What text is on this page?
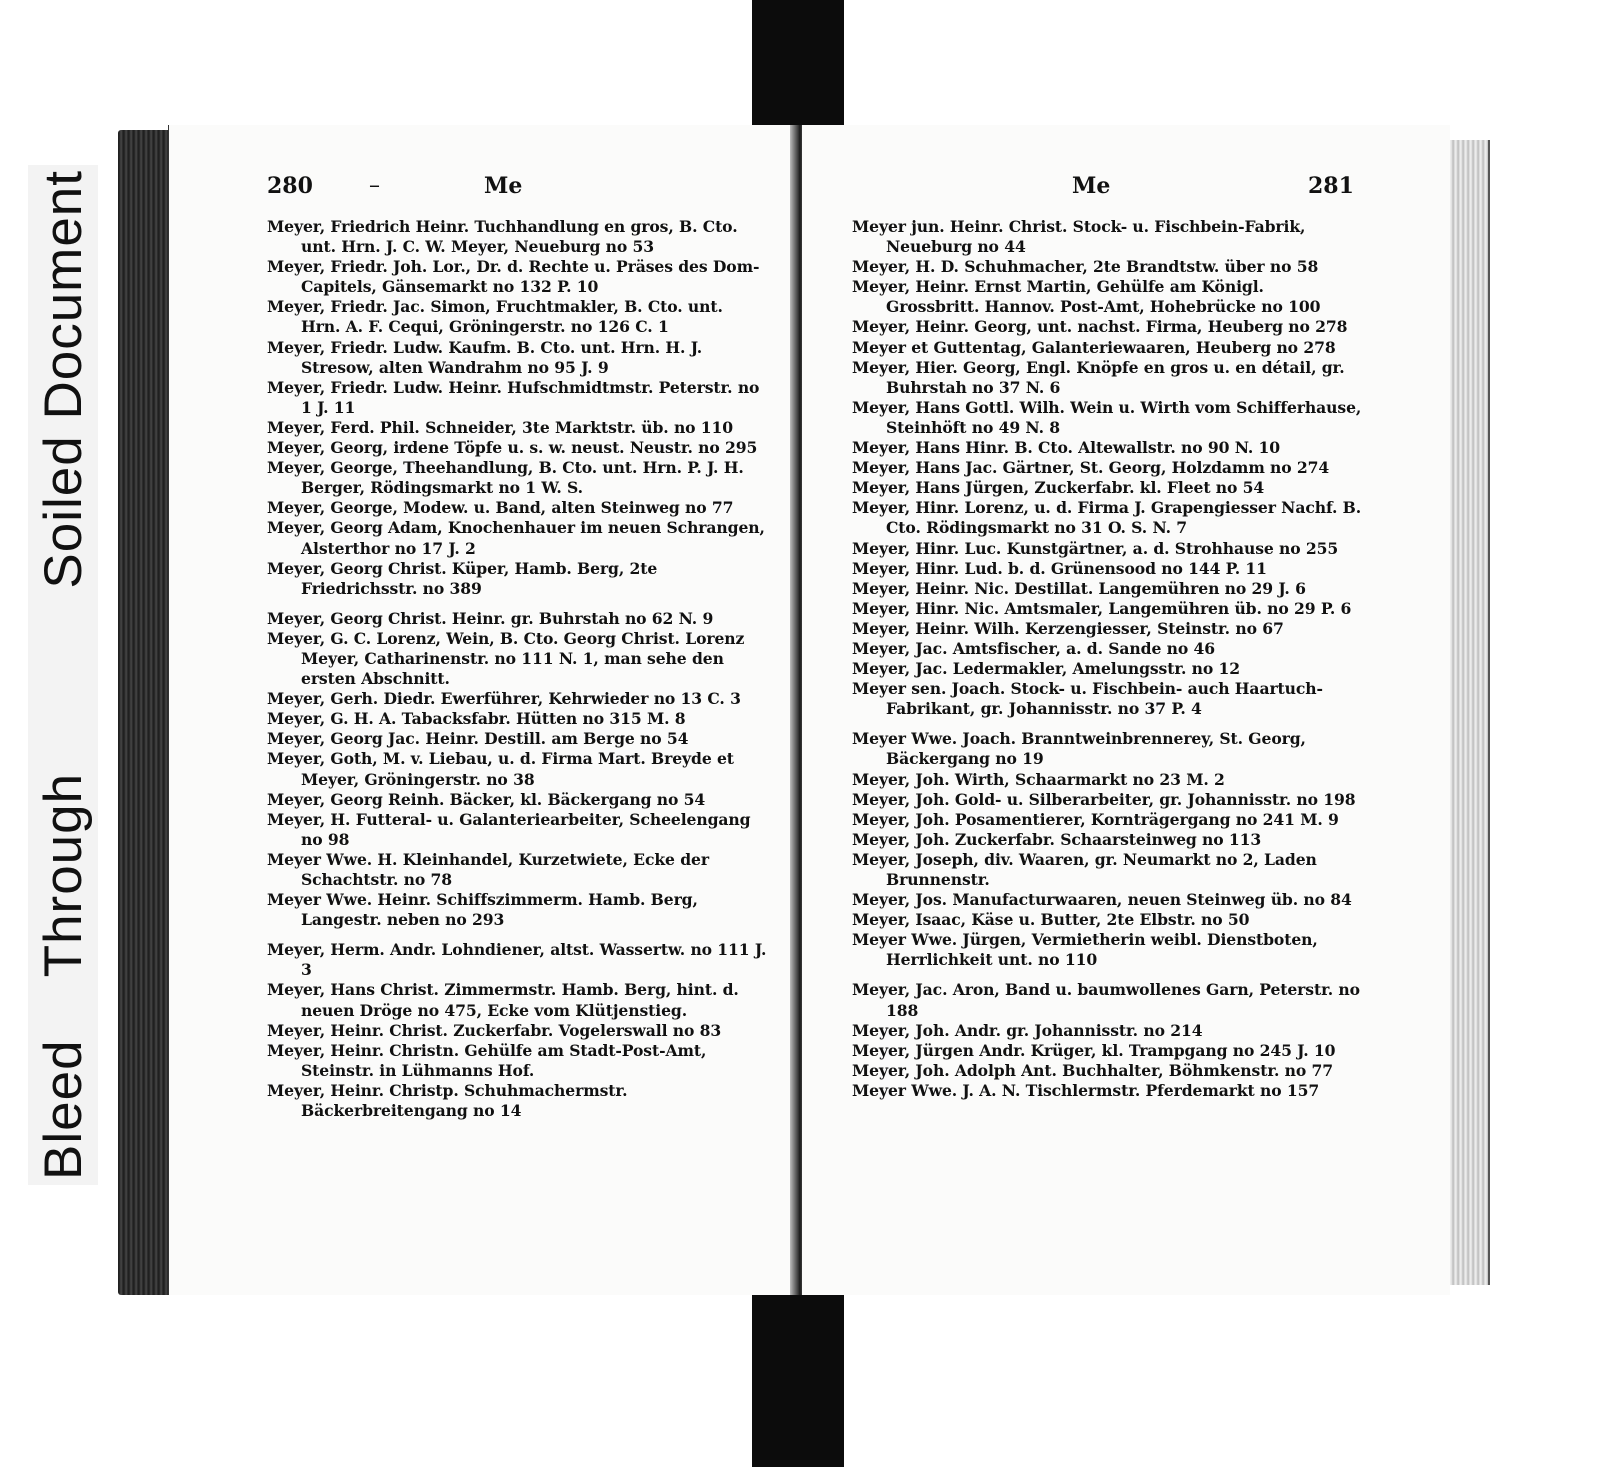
Bleed
Through
Soiled Document	280	–	Me
Meyer, Friedrich Heinr. Tuchhandlung en gros, B. Cto. unt. Hrn. J. C. W. Meyer, Neueburg no 53
Meyer, Friedr. Joh. Lor., Dr. d. Rechte u. Präses des Dom-Capitels, Gänsemarkt no 132 P. 10
Meyer, Friedr. Jac. Simon, Fruchtmakler, B. Cto. unt. Hrn. A. F. Cequi, Gröningerstr. no 126 C. 1
Meyer, Friedr. Ludw. Kaufm. B. Cto. unt. Hrn. H. J. Stresow, alten Wandrahm no 95 J. 9
Meyer, Friedr. Ludw. Heinr. Hufschmidtmstr. Peterstr. no 1 J. 11
Meyer, Ferd. Phil. Schneider, 3te Marktstr. üb. no 110
Meyer, Georg, irdene Töpfe u. s. w. neust. Neustr. no 295
Meyer, George, Theehandlung, B. Cto. unt. Hrn. P. J. H. Berger, Rödingsmarkt no 1 W. S.
Meyer, George, Modew. u. Band, alten Steinweg no 77
Meyer, Georg Adam, Knochenhauer im neuen Schrangen, Alsterthor no 17 J. 2
Meyer, Georg Christ. Küper, Hamb. Berg, 2te Friedrichsstr. no 389
Meyer, Georg Christ. Heinr. gr. Buhrstah no 62 N. 9
Meyer, G. C. Lorenz, Wein, B. Cto. Georg Christ. Lorenz Meyer, Catharinenstr. no 111 N. 1, man sehe den ersten Abschnitt.
Meyer, Gerh. Diedr. Ewerführer, Kehrwieder no 13 C. 3
Meyer, G. H. A. Tabacksfabr. Hütten no 315 M. 8
Meyer, Georg Jac. Heinr. Destill. am Berge no 54
Meyer, Goth, M. v. Liebau, u. d. Firma Mart. Breyde et Meyer, Gröningerstr. no 38
Meyer, Georg Reinh. Bäcker, kl. Bäckergang no 54
Meyer, H. Futteral- u. Galanteriearbeiter, Scheelengang no 98
Meyer Wwe. H. Kleinhandel, Kurzetwiete, Ecke der Schachtstr. no 78
Meyer Wwe. Heinr. Schiffszimmerm. Hamb. Berg, Langestr. neben no 293
Meyer, Herm. Andr. Lohndiener, altst. Wassertw. no 111 J. 3
Meyer, Hans Christ. Zimmermstr. Hamb. Berg, hint. d. neuen Dröge no 475, Ecke vom Klütjenstieg.
Meyer, Heinr. Christ. Zuckerfabr. Vogelerswall no 83
Meyer, Heinr. Christn. Gehülfe am Stadt-Post-Amt, Steinstr. in Lühmanns Hof.
Meyer, Heinr. Christp. Schuhmachermstr. Bäckerbreitengang no 14
Me	281
Meyer jun. Heinr. Christ. Stock- u. Fischbein-Fabrik, Neueburg no 44
Meyer, H. D. Schuhmacher, 2te Brandtstw. über no 58
Meyer, Heinr. Ernst Martin, Gehülfe am Königl. Grossbritt. Hannov. Post-Amt, Hohebrücke no 100
Meyer, Heinr. Georg, unt. nachst. Firma, Heuberg no 278
Meyer et Guttentag, Galanteriewaaren, Heuberg no 278
Meyer, Hier. Georg, Engl. Knöpfe en gros u. en détail, gr. Buhrstah no 37 N. 6
Meyer, Hans Gottl. Wilh. Wein u. Wirth vom Schifferhause, Steinhöft no 49 N. 8
Meyer, Hans Hinr. B. Cto. Altewallstr. no 90 N. 10
Meyer, Hans Jac. Gärtner, St. Georg, Holzdamm no 274
Meyer, Hans Jürgen, Zuckerfabr. kl. Fleet no 54
Meyer, Hinr. Lorenz, u. d. Firma J. Grapengiesser Nachf. B. Cto. Rödingsmarkt no 31 O. S. N. 7
Meyer, Hinr. Luc. Kunstgärtner, a. d. Strohhause no 255
Meyer, Hinr. Lud. b. d. Grünensood no 144 P. 11
Meyer, Heinr. Nic. Destillat. Langemühren no 29 J. 6
Meyer, Hinr. Nic. Amtsmaler, Langemühren üb. no 29 P. 6
Meyer, Heinr. Wilh. Kerzengiesser, Steinstr. no 67
Meyer, Jac. Amtsfischer, a. d. Sande no 46
Meyer, Jac. Ledermakler, Amelungsstr. no 12
Meyer sen. Joach. Stock- u. Fischbein- auch Haartuch-Fabrikant, gr. Johannisstr. no 37 P. 4
Meyer Wwe. Joach. Branntweinbrennerey, St. Georg, Bäckergang no 19
Meyer, Joh. Wirth, Schaarmarkt no 23 M. 2
Meyer, Joh. Gold- u. Silberarbeiter, gr. Johannisstr. no 198
Meyer, Joh. Posamentierer, Kornträgergang no 241 M. 9
Meyer, Joh. Zuckerfabr. Schaarsteinweg no 113
Meyer, Joseph, div. Waaren, gr. Neumarkt no 2, Laden Brunnenstr.
Meyer, Jos. Manufacturwaaren, neuen Steinweg üb. no 84
Meyer, Isaac, Käse u. Butter, 2te Elbstr. no 50
Meyer Wwe. Jürgen, Vermietherin weibl. Dienstboten, Herrlichkeit unt. no 110
Meyer, Jac. Aron, Band u. baumwollenes Garn, Peterstr. no 188
Meyer, Joh. Andr. gr. Johannisstr. no 214
Meyer, Jürgen Andr. Krüger, kl. Trampgang no 245 J. 10
Meyer, Joh. Adolph Ant. Buchhalter, Böhmkenstr. no 77
Meyer Wwe. J. A. N. Tischlermstr. Pferdemarkt no 157
